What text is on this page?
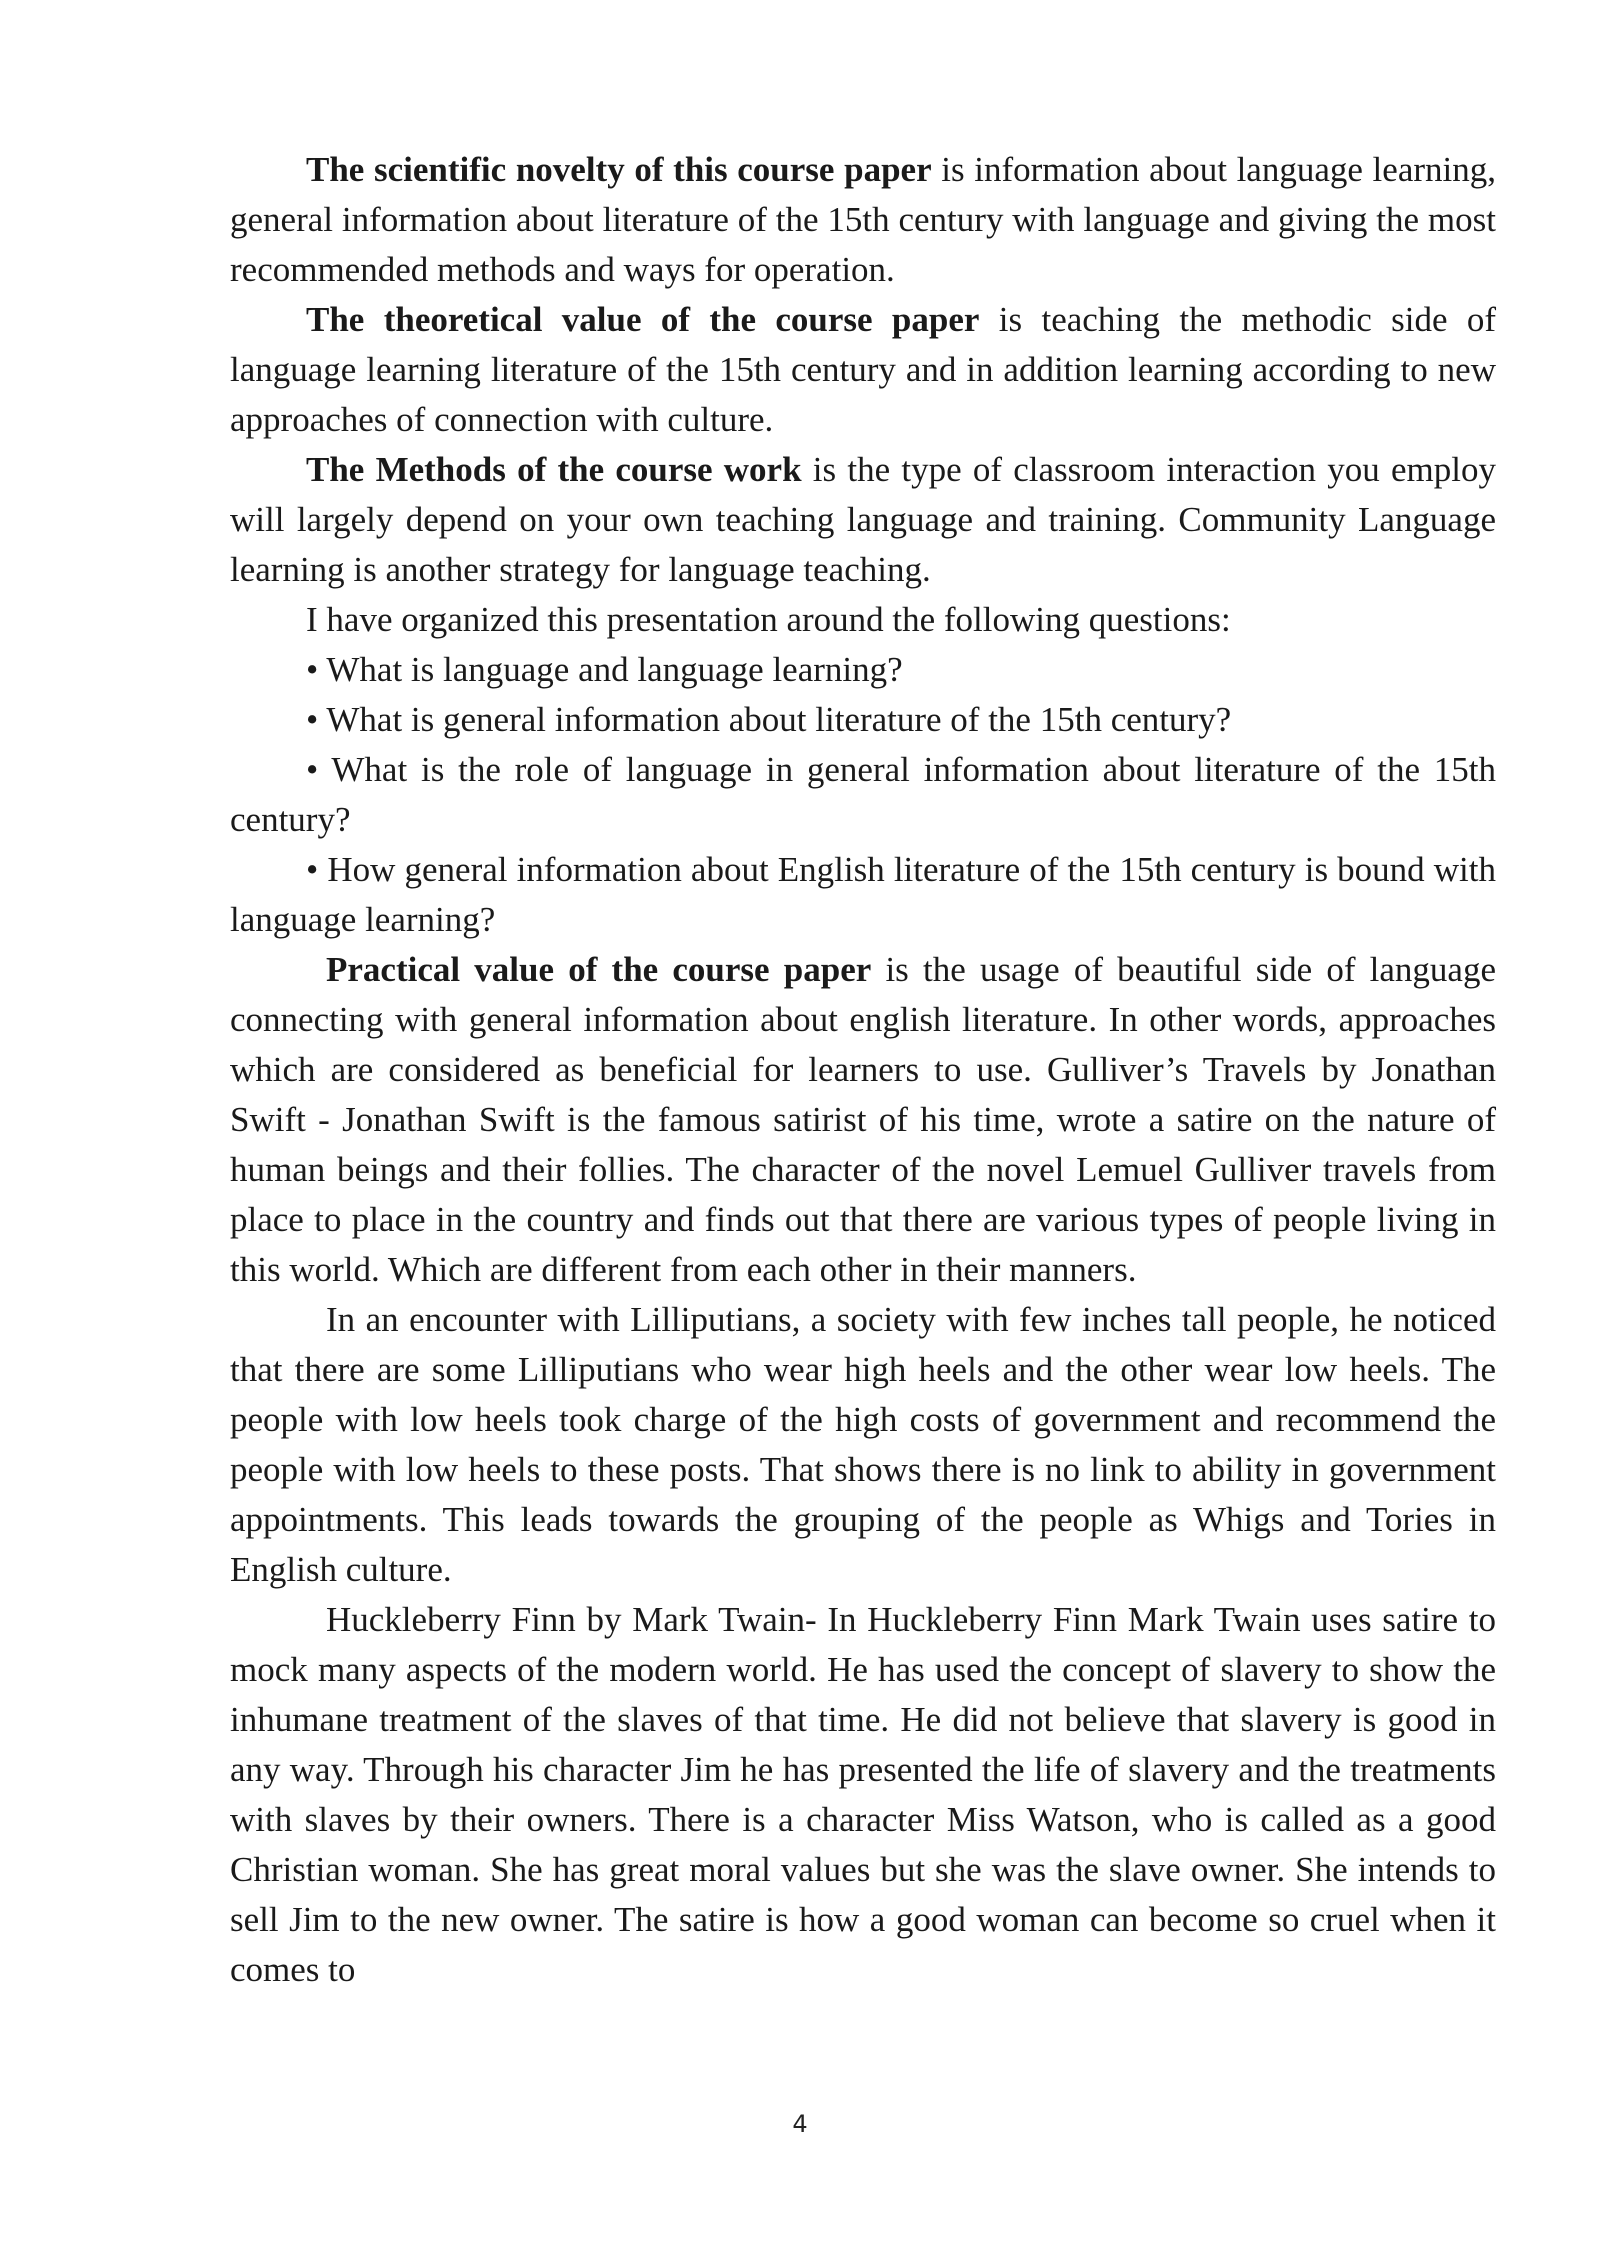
The scientific novelty of this course paper is information about language learning, general information about literature of the 15th century with language and giving the most recommended methods and ways for operation.

The theoretical value of the course paper is teaching the methodic side of language learning literature of the 15th century and in addition learning according to new approaches of connection with culture.

The Methods of the course work is the type of classroom interaction you employ will largely depend on your own teaching language and training. Community Language learning is another strategy for language teaching.

I have organized this presentation around the following questions:

• What is language and language learning?

• What is general information about literature of the 15th century?

• What is the role of language in general information about literature of the 15th century?

• How general information about English literature of the 15th century is bound with language learning?

Practical value of the course paper is the usage of beautiful side of language connecting with general information about english literature. In other words, approaches which are considered as beneficial for learners to use. Gulliver’s Travels by Jonathan Swift - Jonathan Swift is the famous satirist of his time, wrote a satire on the nature of human beings and their follies. The character of the novel Lemuel Gulliver travels from place to place in the country and finds out that there are various types of people living in this world. Which are different from each other in their manners.

In an encounter with Lilliputians, a society with few inches tall people, he noticed that there are some Lilliputians who wear high heels and the other wear low heels. The people with low heels took charge of the high costs of government and recommend the people with low heels to these posts. That shows there is no link to ability in government appointments. This leads towards the grouping of the people as Whigs and Tories in English culture.

Huckleberry Finn by Mark Twain- In Huckleberry Finn Mark Twain uses satire to mock many aspects of the modern world. He has used the concept of slavery to show the inhumane treatment of the slaves of that time. He did not believe that slavery is good in any way. Through his character Jim he has presented the life of slavery and the treatments with slaves by their owners. There is a character Miss Watson, who is called as a good Christian woman. She has great moral values but she was the slave owner. She intends to sell Jim to the new owner. The satire is how a good woman can become so cruel when it comes to

4
